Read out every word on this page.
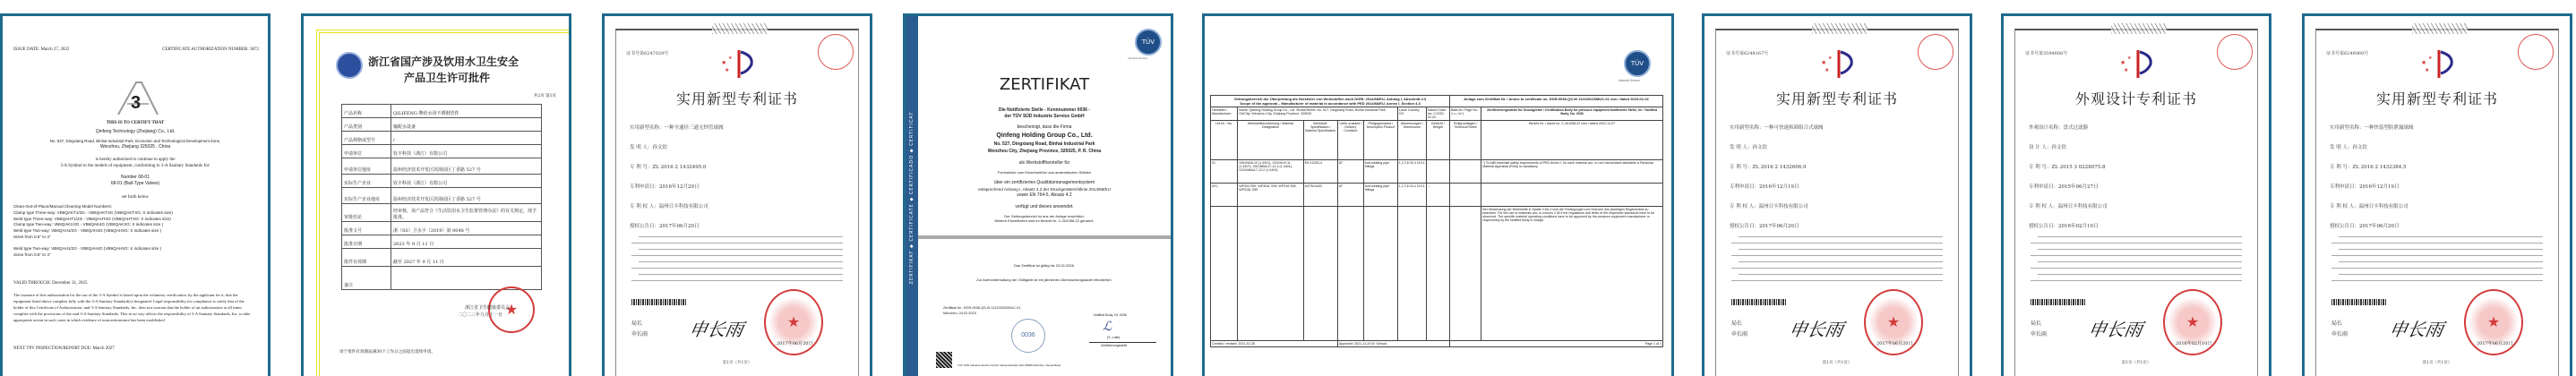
ISSUE DATE: March 27, 2022	CERTIFICATE AUTHORIZATION NUMBER: 3872
3
THIS IS TO CERTIFY THAT
Qinfeng Technology (Zhejiang) Co., Ltd.
No. 527, Dingxiang Road, Binhai Industrial Park, Economic and Technological Development Zone,
Wenzhou, Zhejiang 325025 , China
is hereby authorized to continue to apply the
3-A Symbol to the models of equipment, conforming to 3-A Sanitary Standards for:
Number 68-01
68-01 (Ball-Type Valves)
set forth below
Clean-Out-of-Place/Manual Cleaning Model Numbers:
Clamp type Three-way: VB6QAKT1/2G - VB6QAKT4G (VB6QAKTXG: X indicates size)
Weld type Three-way: VB6QAHT1/2G - VB6QAHT4G (VB6QAHTXG: X indicates size)
Clamp type Two-way: VB6QAK1/2G - VB6QAK4G (VB6QAKXG: X indicates size )
Weld type Two-way: VB6QAH1/2G - VB6QAH4G (VB6QAHXG: X indicates size )
Sizes from 0.5" to 4"
Weld type Two-way: VB6QAH1/2G - VB6QAH4G (VB6QAHXG: X indicates size )
Sizes from 0.5" to 4"
VALID THROUGH: December 31, 2025
The issuance of this authorization for the use of the 3-A Symbol is based upon the voluntary certification, by the applicant for it, that the equipment listed above complies fully with the 3-A Sanitary Standard(s) designated. Legal responsibility for compliance is solely that of the holder of this Certificate of Authorization, and 3-A Sanitary Standards, Inc. does not warrant that the holder of an authorization at all times complies with the provisions of the said 3-A Sanitary Standards. This in no way affects the responsibility of 3-A Sanitary Standards, Inc. to take appropriate action in such cases in which evidence of nonconformance has been established.
NEXT TPV INSPECTION/REPORT DUE: March 2027
浙江省国产涉及饮用水卫生安全
产品卫生许可批件
共2页 第1页
产品名称	QILIFENG 牌给水用不锈钢管件
产品类别	输配水设备
产品规格或型号	/
申请单位	钦丰科技（浙江）有限公司
申请单位地址	温州经济技术开发区滨海园区丁香路 527 号
实际生产企业	钦丰科技（浙江）有限公司
实际生产企业地址	温州经济技术开发区滨海园区丁香路 527 号
审批结论	经审核，该产品符合《生活饮用水卫生监督管理办法》的有关规定，现予批准。
批准文号	浙（SS）卫水字（2019）第 0048 号
批准日期	2023 年 9 月 11 日
批件有效期	截至 2027 年 9 月 11 日
备注	
★
浙江省卫生健康委员会
二〇二三年九月十一日
请于批件有效期届满30个工作日之前提出延续申请。
证书号第6247029号
★
★
★
实用新型专利证书
实用新型名称：一种全通径三通无焊管球阀
发 明 人：孙文钦
专 利 号：ZL 2016 2 1432495.0
专利申请日：2016年12月29日
专 利 权 人：温州日丰科技有限公司
授权公告日：2017年06月20日
局长
申长雨 申长雨	★
2017年06月20日
第1页（共1页）
ZERTIFIKAT ◆ CERTIFICATE ◆ CERTIFICADO ◆ CERTIFICAT
TÜV
Industrie Service
ZERTIFIKAT
Die Notifizierte Stelle - Kennnummer 0036 -
der TÜV SÜD Industrie Service GmbH
bescheinigt, dass die Firma
Qinfeng Holding Group Co., Ltd.
No. 527, Dingxiang Road, Binhai Industrial Park
Wenzhou City, Zhejiang Province, 325025, P. R. China
als Werkstoffhersteller für
Formstücke zum Einschweißen aus austenitischen Stählen
über ein zertifiziertes Qualitätsmanagementsystem
entsprechend Anhang I, Absatz 4.3 der Druckgeräterichtlinie 2014/68/EU
sowie EN 764-5, Absatz 4.2
verfügt und dieses anwendet.
Der Geltungsbereich ist aus der Anlage ersichtlich.
Weitere Einzelheiten sind im Bericht Nr. C-261058-22 genannt.
Das Zertifikat ist gültig bis 23.02.2026.
Zur Aufrechterhaltung der Gültigkeit ist ein jährliches Überwachungsaudit erforderlich.
Zertifikat-Nr.: DGR-0036-QS-W 1122/2023/MUC-01
München, 24.02.2023	Notified Body, Nr. 0036
0036
ℒ
(S. Loibl)
Zertifizierungsstelle
TÜV SÜD Industrie Service GmbH, Westendstraße 199, 80686 München, Deutschland
TÜV
Industrie Service
Geltungsbereich der Überprüfung als Hersteller von Werkstoffen nach DGRL 2014/68/EU, Anhang I, Abschnitt 4.3
Scope of the approval – Manufacturer of material in accordance with PED 2014/68/EU, Annex I, Section 4.3							Anlage zum Zertifikat Nr. / Annex to certificate no. DGR-0036-QS-W 1122/2023/MUC-01 von / dated 2023-02-24	
Hersteller / Manufacturer:	Name: Qinfeng Holding Group Co., Ltd. Straße/Street: No. 527, Dingxiang Road, Binhai Industrial Park Ort/City: Wenzhou City, Zhejiang Province, 325025				Land/ Country: CN	Datum/ Date: rev. 0 2023-02-24	Blatt-Nr./ Page No.: 1 v. / of 1	Zertifizierungsstelle für Druckgeräte / Certification Body for pressure equipment Notifizierte Stelle, Nr. / Notified Body, No. 0036
Lfd.Nr. / No.	Werkstoffbezeichnung / Material Designation	Werkstoff-Spezifikation / Material Specification	Liefer-zustand / Delivery Condition	Prüfgegenstand / Description Product	Abmessungen / Dimensions	Gewicht / Weight	Prüfgrundlagen / Technical Rules	Bericht Nr. / report no. C-261058-22 vom / dated 2022-11-07
01	X5CrNi18-10 (1.4301), X2CrNi19-11 (1.4307), X5CrNiMo17-12-2 (1.4401), X2CrNiMo17-12-2 (1.4404)	EN 10253-4	AT	butt-welding pipe fittings	1,2 2,8 33,4 219,1	- -		*) To fulfil essential safety requirements of PED Annex I, for each material acc. to non harmonised standards a Particular Material Appraisal (PMA) is mandatory.
02*)	WP304 S59, WP304L S59, WP316 S59, WP316L S59	ASTM A403	AT	butt-welding pipe fittings	1,2 2,8 33,4 219,1	- -		
								Bei Verwendung der Werkstoffe in Spalte 2 bis 4 sind die Festlegungen und Grenzen des jeweiligen Regelwerkes zu beachten. For the use of materials acc. to column 2 till 4 the regulations and limits of the respective standards have to be observed. The specific material operating conditions have to be approved by the pressure equipment manufacturer or respectively by the Notified Body in charge.
Created / revised: 2021-10-28			Approved: 2021-11-24 W. Schock				Page 1 of 1	
证书号第6248167号
★
★
★
实用新型专利证书
实用新型名称：一种可快速拆卸组合式球阀
发 明 人：孙文钦
专 利 号：ZL 2016 2 1432606.9
专利申请日：2016年12月19日
专 利 权 人：温州日丰科技有限公司
授权公告日：2017年06月20日
局长
申长雨 申长雨	★
2017年06月20日
第1页（共1页）
证书号第3594606号
★
★
★
外观设计专利证书
外观设计名称：盘式过滤器
设 计 人：孙文钦
专 利 号：ZL 2015 3 0228075.8
专利申请日：2015年06月27日
专 利 权 人：温州日丰科技有限公司
授权公告日：2016年02月10日
局长
申长雨 申长雨	★
2016年02月10日
第1页（共1页）
证书号第6249060号
★
★
★
实用新型专利证书
实用新型名称：一种快装型防泄漏球阀
发 明 人：孙文钦
专 利 号：ZL 2016 2 1432384.5
专利申请日：2016年12月19日
专 利 权 人：温州日丰科技有限公司
授权公告日：2017年06月20日
局长
申长雨 申长雨	★
2017年06月20日
第1页（共1页）
